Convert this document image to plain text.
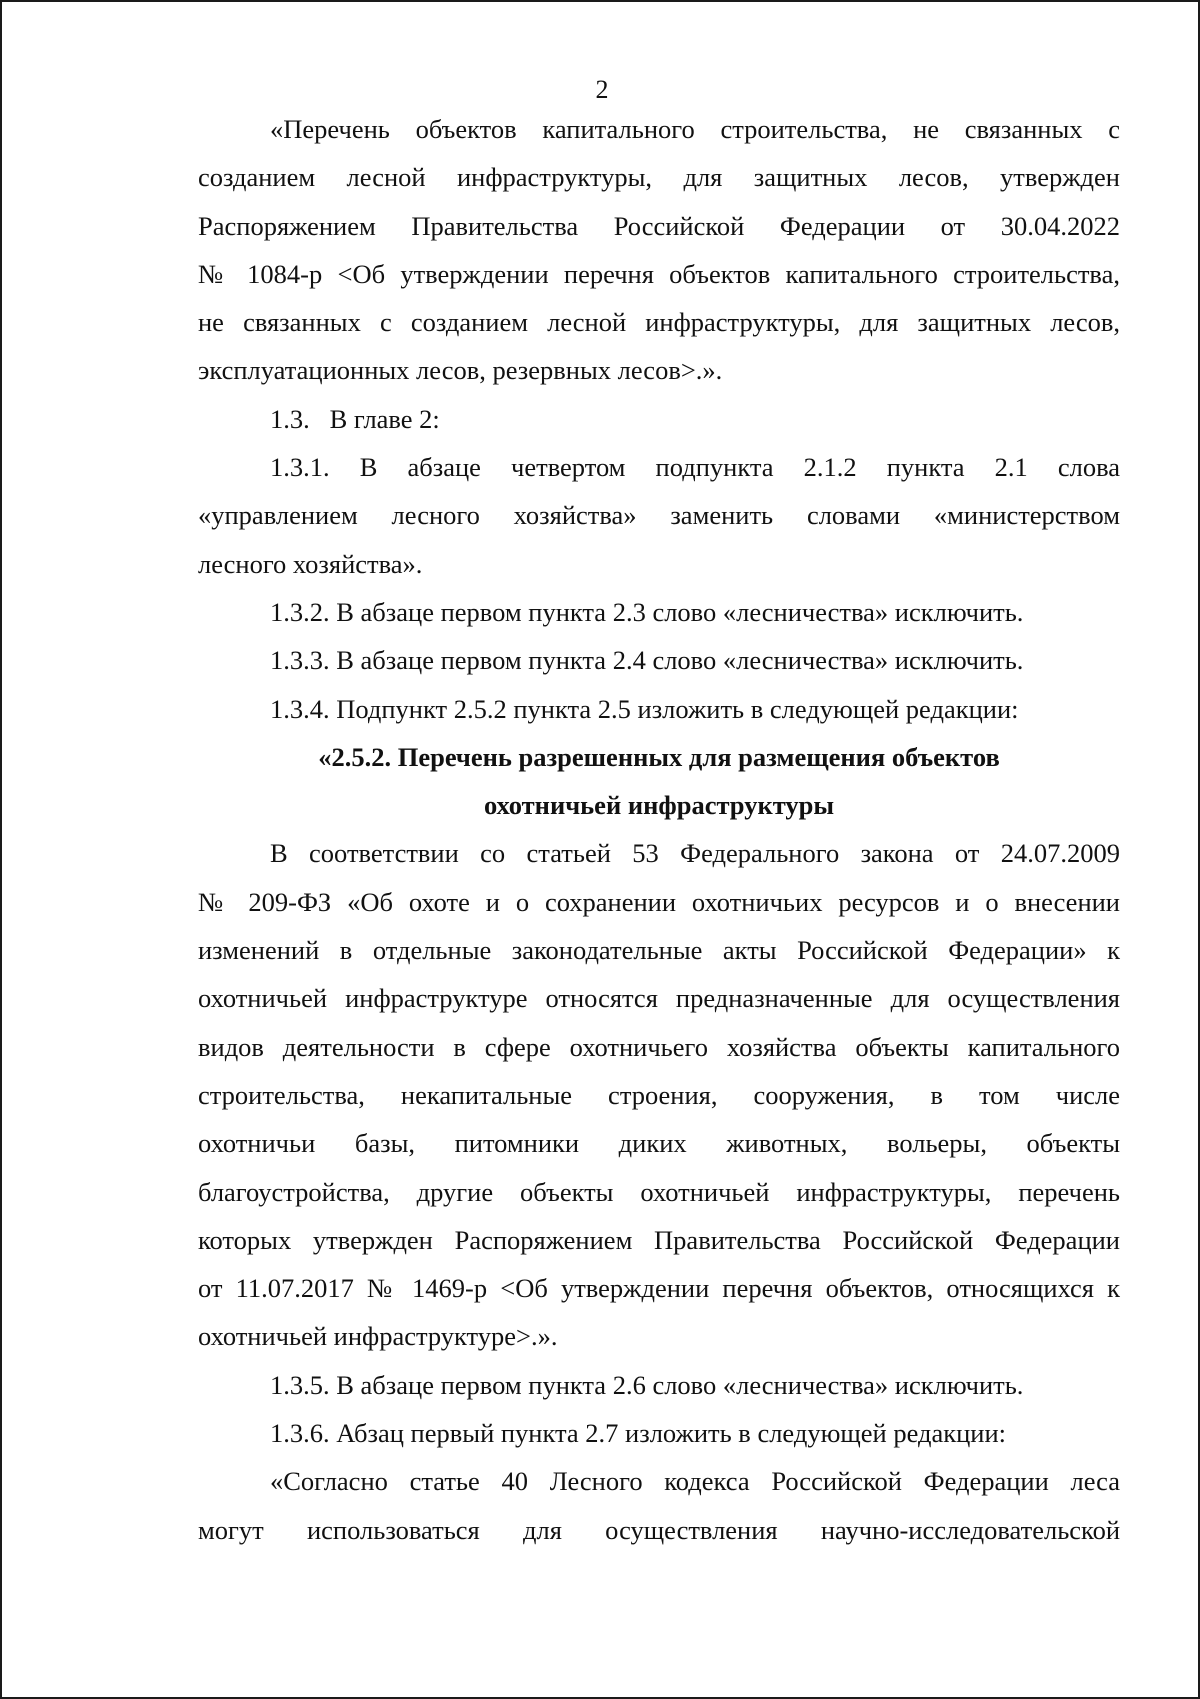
2
«Перечень объектов капитального строительства, не связанных с
созданием лесной инфраструктуры, для защитных лесов, утвержден
Распоряжением Правительства Российской Федерации от 30.04.2022
№ 1084-р <Об утверждении перечня объектов капитального строительства,
не связанных с созданием лесной инфраструктуры, для защитных лесов,
эксплуатационных лесов, резервных лесов>.».
1.3.   В главе 2:
1.3.1. В абзаце четвертом подпункта 2.1.2 пункта 2.1 слова
«управлением лесного хозяйства» заменить словами «министерством
лесного хозяйства».
1.3.2. В абзаце первом пункта 2.3 слово «лесничества» исключить.
1.3.3. В абзаце первом пункта 2.4 слово «лесничества» исключить.
1.3.4. Подпункт 2.5.2 пункта 2.5 изложить в следующей редакции:
«2.5.2. Перечень разрешенных для размещения объектов
охотничьей инфраструктуры
В соответствии со статьей 53 Федерального закона от 24.07.2009
№ 209-ФЗ «Об охоте и о сохранении охотничьих ресурсов и о внесении
изменений в отдельные законодательные акты Российской Федерации» к
охотничьей инфраструктуре относятся предназначенные для осуществления
видов деятельности в сфере охотничьего хозяйства объекты капитального
строительства, некапитальные строения, сооружения, в том числе
охотничьи базы, питомники диких животных, вольеры, объекты
благоустройства, другие объекты охотничьей инфраструктуры, перечень
которых утвержден Распоряжением Правительства Российской Федерации
от 11.07.2017 № 1469-р <Об утверждении перечня объектов, относящихся к
охотничьей инфраструктуре>.».
1.3.5. В абзаце первом пункта 2.6 слово «лесничества» исключить.
1.3.6. Абзац первый пункта 2.7 изложить в следующей редакции:
«Согласно статье 40 Лесного кодекса Российской Федерации леса
могут использоваться для осуществления научно-исследовательской
